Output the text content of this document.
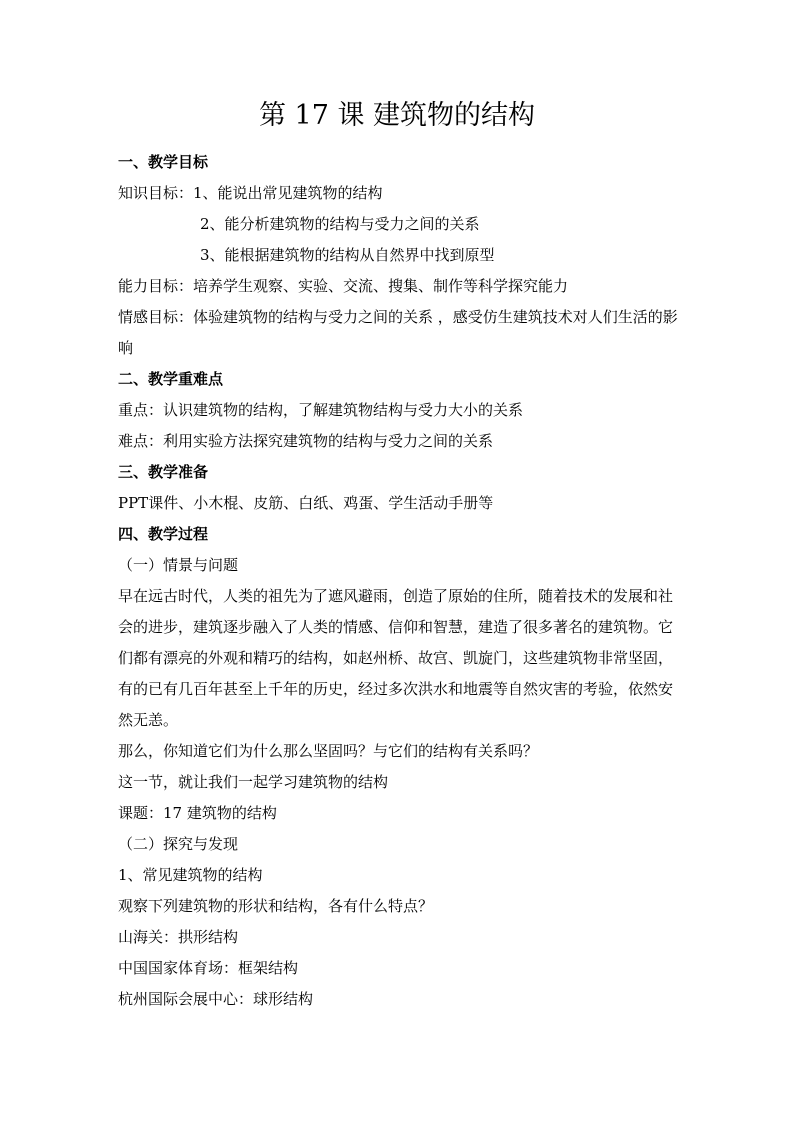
第 17 课 建筑物的结构
一、教学目标
知识目标：1、能说出常见建筑物的结构
2、能分析建筑物的结构与受力之间的关系
3、能根据建筑物的结构从自然界中找到原型
能力目标：培养学生观察、实验、交流、搜集、制作等科学探究能力
情感目标：体验建筑物的结构与受力之间的关系 ，感受仿生建筑技术对人们生活的影响
二、教学重难点
重点：认识建筑物的结构，了解建筑物结构与受力大小的关系
难点：利用实验方法探究建筑物的结构与受力之间的关系
三、教学准备
PPT课件、小木棍、皮筋、白纸、鸡蛋、学生活动手册等
四、教学过程
（一）情景与问题
早在远古时代，人类的祖先为了遮风避雨，创造了原始的住所，随着技术的发展和社会的进步，建筑逐步融入了人类的情感、信仰和智慧，建造了很多著名的建筑物。它们都有漂亮的外观和精巧的结构，如赵州桥、故宫、凯旋门，这些建筑物非常坚固，有的已有几百年甚至上千年的历史，经过多次洪水和地震等自然灾害的考验，依然安然无恙。
那么，你知道它们为什么那么坚固吗？与它们的结构有关系吗？
这一节，就让我们一起学习建筑物的结构
课题：17 建筑物的结构
（二）探究与发现
1、常见建筑物的结构
观察下列建筑物的形状和结构，各有什么特点？
山海关：拱形结构
中国国家体育场：框架结构
杭州国际会展中心：球形结构
